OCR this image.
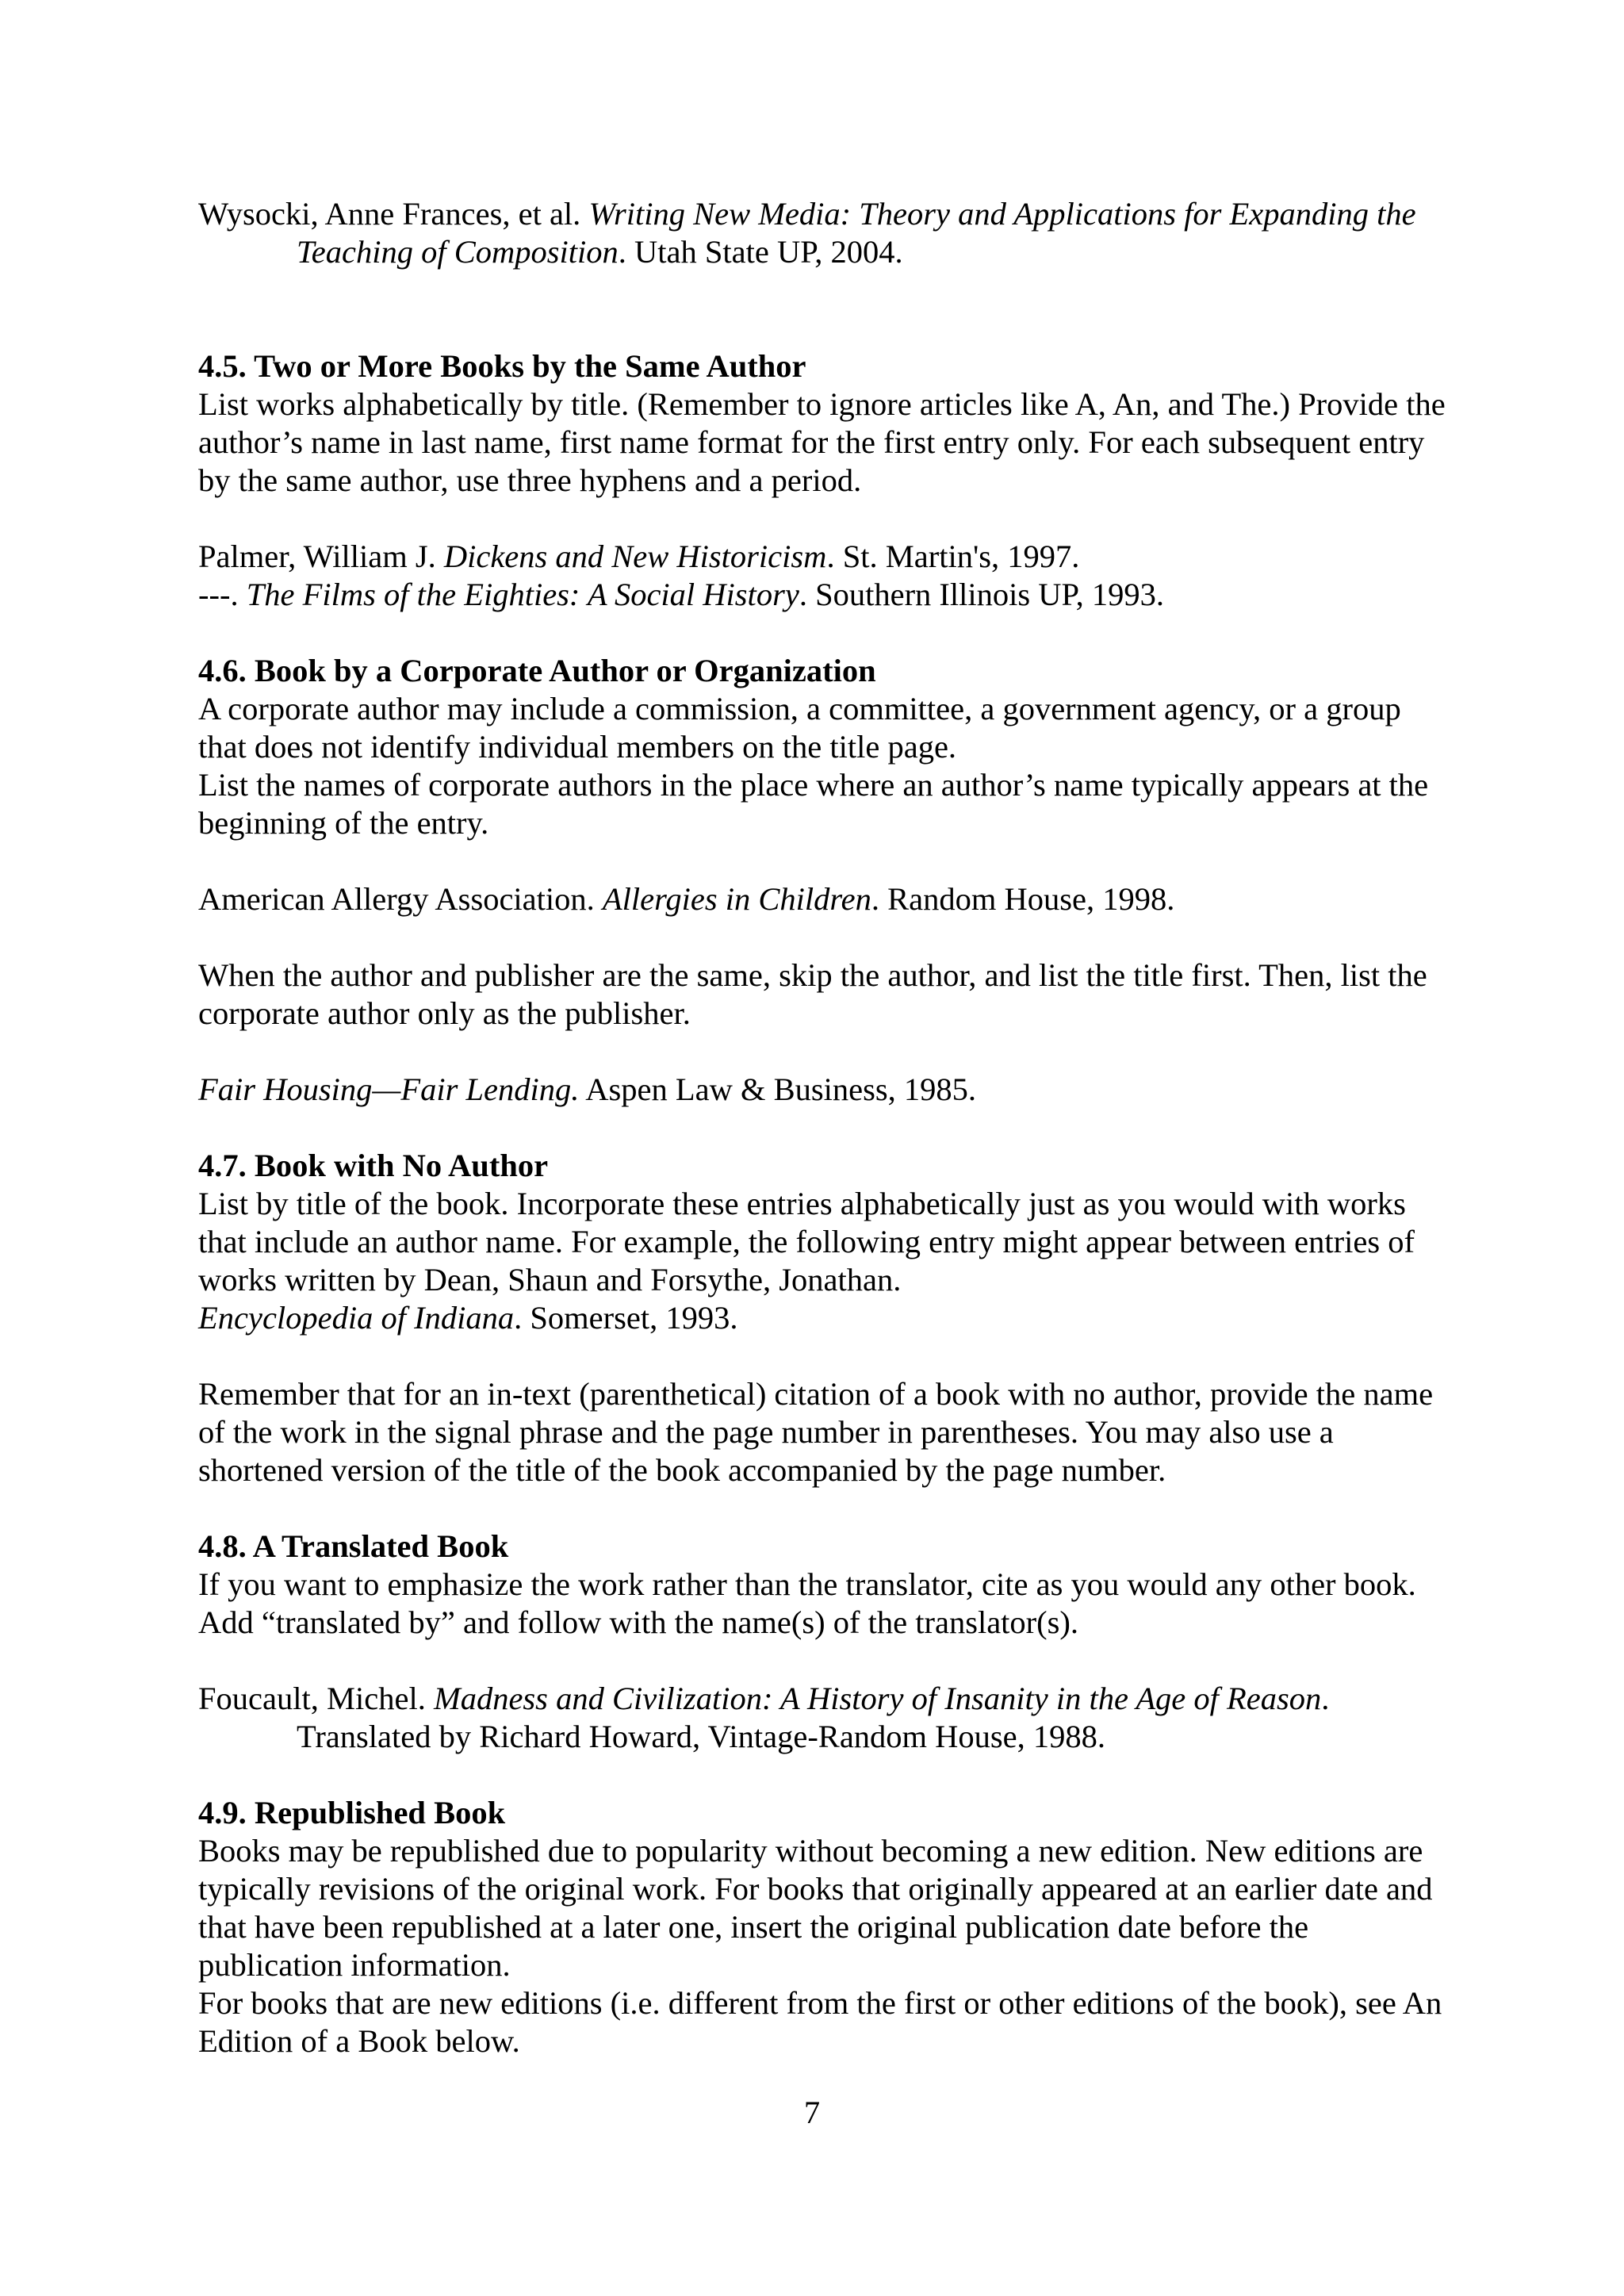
Wysocki, Anne Frances, et al. Writing New Media: Theory and Applications for Expanding the Teaching of Composition. Utah State UP, 2004.

4.5. Two or More Books by the Same Author

List works alphabetically by title. (Remember to ignore articles like A, An, and The.) Provide the author’s name in last name, first name format for the first entry only. For each subsequent entry by the same author, use three hyphens and a period.

Palmer, William J. Dickens and New Historicism. St. Martin's, 1997.

---. The Films of the Eighties: A Social History. Southern Illinois UP, 1993.

4.6. Book by a Corporate Author or Organization

A corporate author may include a commission, a committee, a government agency, or a group that does not identify individual members on the title page.

List the names of corporate authors in the place where an author’s name typically appears at the beginning of the entry.

American Allergy Association. Allergies in Children. Random House, 1998.

When the author and publisher are the same, skip the author, and list the title first. Then, list the corporate author only as the publisher.

Fair Housing—Fair Lending. Aspen Law & Business, 1985.

4.7. Book with No Author

List by title of the book. Incorporate these entries alphabetically just as you would with works that include an author name. For example, the following entry might appear between entries of works written by Dean, Shaun and Forsythe, Jonathan.

Encyclopedia of Indiana. Somerset, 1993.

Remember that for an in-text (parenthetical) citation of a book with no author, provide the name of the work in the signal phrase and the page number in parentheses. You may also use a shortened version of the title of the book accompanied by the page number.

4.8. A Translated Book

If you want to emphasize the work rather than the translator, cite as you would any other book. Add “translated by” and follow with the name(s) of the translator(s).

Foucault, Michel. Madness and Civilization: A History of Insanity in the Age of Reason. Translated by Richard Howard, Vintage-Random House, 1988.

4.9. Republished Book

Books may be republished due to popularity without becoming a new edition. New editions are typically revisions of the original work. For books that originally appeared at an earlier date and that have been republished at a later one, insert the original publication date before the publication information.

For books that are new editions (i.e. different from the first or other editions of the book), see An Edition of a Book below.

7
